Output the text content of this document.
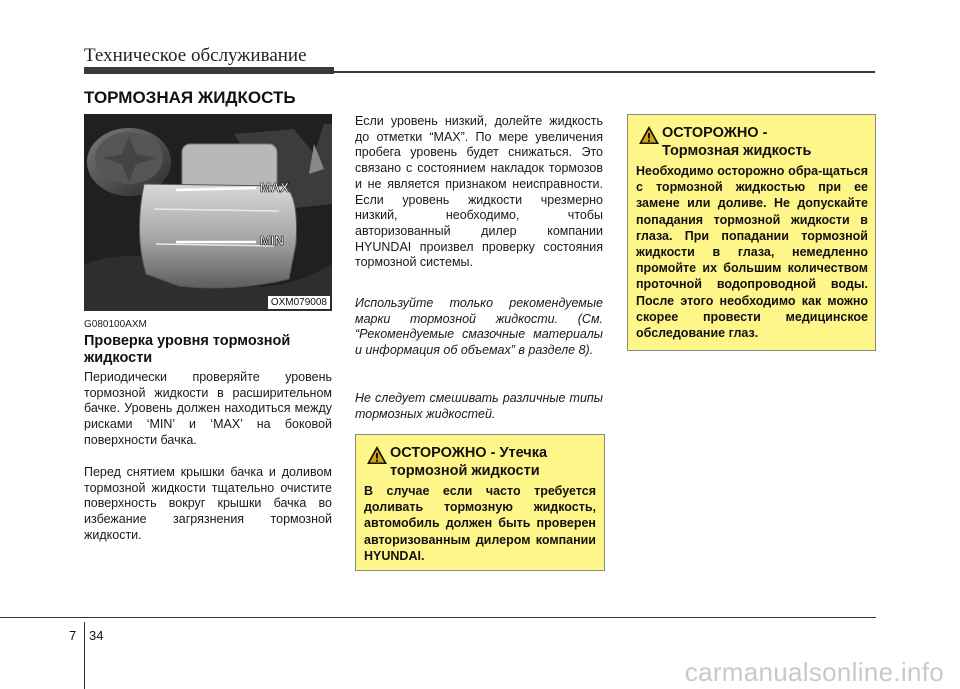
Техническое обслуживание
ТОРМОЗНАЯ ЖИДКОСТЬ
MAX
MIN
OXM079008
G080100AXM
Проверка уровня тормозной жидкости
Периодически проверяйте уровень тормозной жидкости в расширительном бачке. Уровень должен находиться между рисками ‘MIN’ и ‘MAX’ на боковой поверхности бачка.
Перед снятием крышки бачка и доливом тормозной жидкости тщательно очистите поверхность вокруг крышки бачка во избежание загрязнения тормозной жидкости.
Если уровень низкий, долейте жидкость до отметки “MAX”. По мере увеличения пробега уровень будет снижаться. Это связано с состоянием накладок тормозов и не является признаком неисправности. Если уровень жидкости чрезмерно низкий, необходимо, чтобы авторизованный дилер компании HYUNDAI произвел проверку состояния тормозной системы.
Используйте только рекомендуемые марки тормозной жидкости. (См. “Рекомендуемые смазочные материалы и информация об объемах” в разделе 8).
Не следует смешивать различные типы тормозных жидкостей.
ОСТОРОЖНО - Утечка
тормозной жидкости
В случае если часто требуется доливать тормозную жидкость, автомобиль должен быть проверен авторизованным дилером компании HYUNDAI.
ОСТОРОЖНО -
Тормозная жидкость
Необходимо осторожно обра-щаться с тормозной жидкостью при ее замене или доливе. Не допускайте попадания тормозной жидкости в глаза. При попадании тормозной жидкости в глаза, немедленно промойте их большим количеством проточной водопроводной воды. После этого необходимо как можно скорее провести медицинское обследование глаз.
7 34
carmanualsonline.info
